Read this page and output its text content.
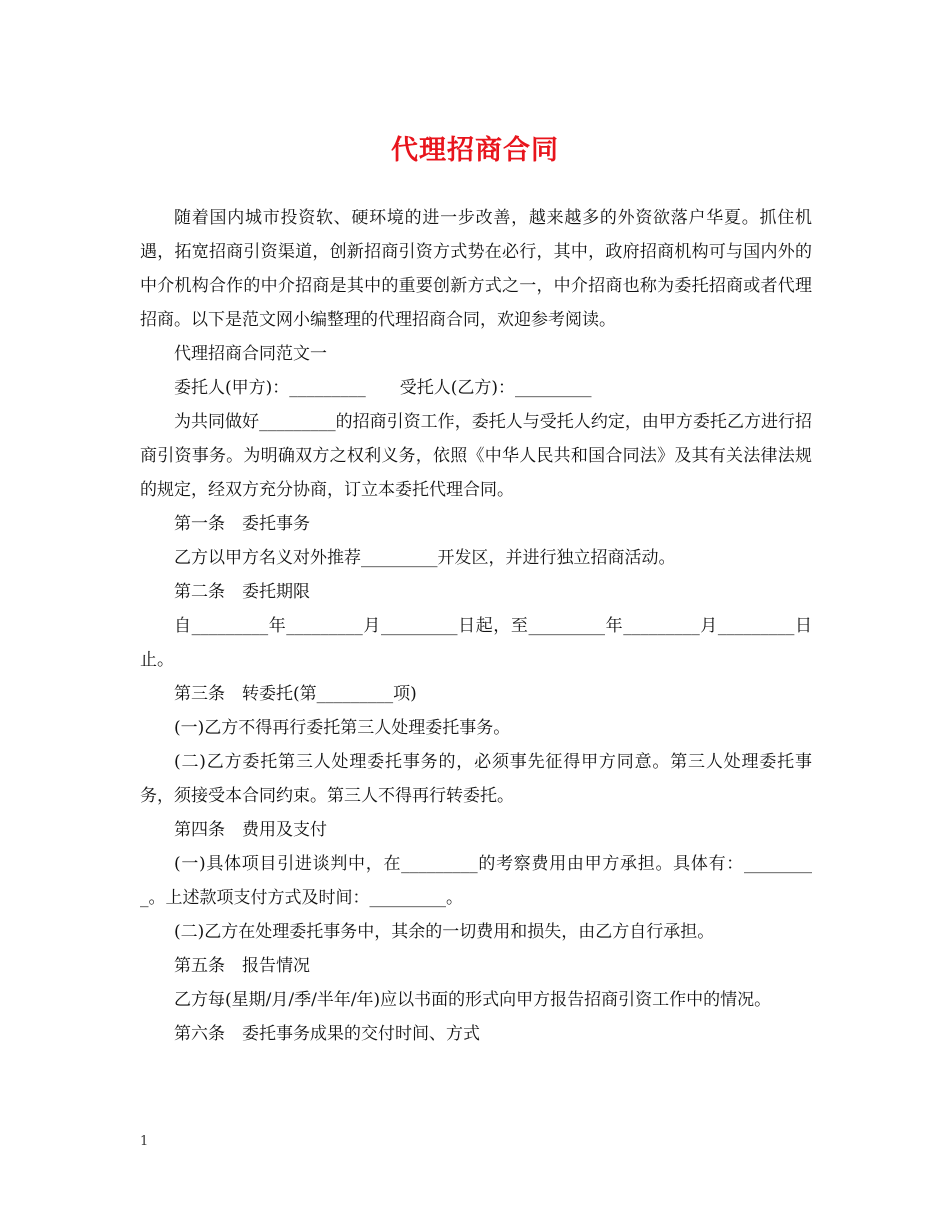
代理招商合同

随着国内城市投资软、硬环境的进一步改善，越来越多的外资欲落户华夏。抓住机遇，拓宽招商引资渠道，创新招商引资方式势在必行，其中，政府招商机构可与国内外的中介机构合作的中介招商是其中的重要创新方式之一，中介招商也称为委托招商或者代理招商。以下是范文网小编整理的代理招商合同，欢迎参考阅读。

代理招商合同范文一

委托人(甲方)：_________　　受托人(乙方)：_________

为共同做好_________的招商引资工作，委托人与受托人约定，由甲方委托乙方进行招商引资事务。为明确双方之权利义务，依照《中华人民共和国合同法》及其有关法律法规的规定，经双方充分协商，订立本委托代理合同。

第一条　委托事务

乙方以甲方名义对外推荐_________开发区，并进行独立招商活动。

第二条　委托期限

自_________年_________月_________日起，至_________年_________月_________日止。

第三条　转委托(第_________项)

(一)乙方不得再行委托第三人处理委托事务。

(二)乙方委托第三人处理委托事务的，必须事先征得甲方同意。第三人处理委托事务，须接受本合同约束。第三人不得再行转委托。

第四条　费用及支付

(一)具体项目引进谈判中，在_________的考察费用由甲方承担。具体有：_________。上述款项支付方式及时间：_________。

(二)乙方在处理委托事务中，其余的一切费用和损失，由乙方自行承担。

第五条　报告情况

乙方每(星期/月/季/半年/年)应以书面的形式向甲方报告招商引资工作中的情况。

第六条　委托事务成果的交付时间、方式

1
